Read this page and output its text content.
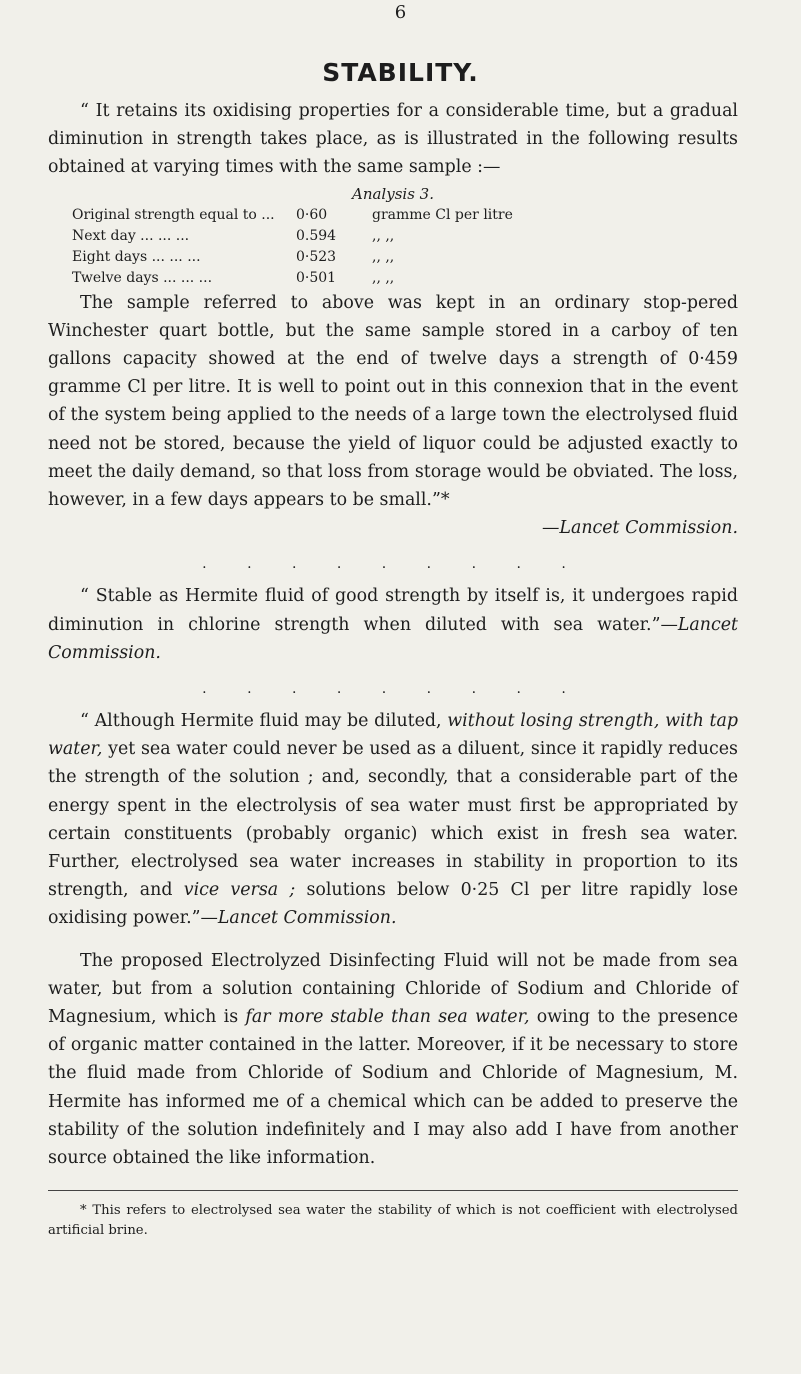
6
STABILITY.

“ It retains its oxidising properties for a considerable time, but a gradual diminution in strength takes place, as is illustrated in the following results obtained at varying times with the same sample :—

Analysis 3.
Original strength equal to ...	0·60	gramme Cl per litre
Next day ... ... ...	0.594	,, ,,
Eight days ... ... ...	0·523	,, ,,
Twelve days ... ... ...	0·501	,, ,,

The sample referred to above was kept in an ordinary stop-pered Winchester quart bottle, but the same sample stored in a carboy of ten gallons capacity showed at the end of twelve days a strength of 0·459 gramme Cl per litre. It is well to point out in this connexion that in the event of the system being applied to the needs of a large town the electrolysed fluid need not be stored, because the yield of liquor could be adjusted exactly to meet the daily demand, so that loss from storage would be obviated. The loss, however, in a few days appears to be small.”*

—Lancet Commission.
. . . . . . . . .

“ Stable as Hermite fluid of good strength by itself is, it undergoes rapid diminution in chlorine strength when diluted with sea water.”—Lancet Commission.

. . . . . . . . .

“ Although Hermite fluid may be diluted, without losing strength, with tap water, yet sea water could never be used as a diluent, since it rapidly reduces the strength of the solution ; and, secondly, that a considerable part of the energy spent in the electrolysis of sea water must first be appropriated by certain constituents (probably organic) which exist in fresh sea water. Further, electrolysed sea water increases in stability in proportion to its strength, and vice versa ; solutions below 0·25 Cl per litre rapidly lose oxidising power.”—Lancet Commission.

The proposed Electrolyzed Disinfecting Fluid will not be made from sea water, but from a solution containing Chloride of Sodium and Chloride of Magnesium, which is far more stable than sea water, owing to the presence of organic matter contained in the latter. Moreover, if it be necessary to store the fluid made from Chloride of Sodium and Chloride of Magnesium, M. Hermite has informed me of a chemical which can be added to preserve the stability of the solution indefinitely and I may also add I have from another source obtained the like information.

* This refers to electrolysed sea water the stability of which is not coefficient with electrolysed artificial brine.
